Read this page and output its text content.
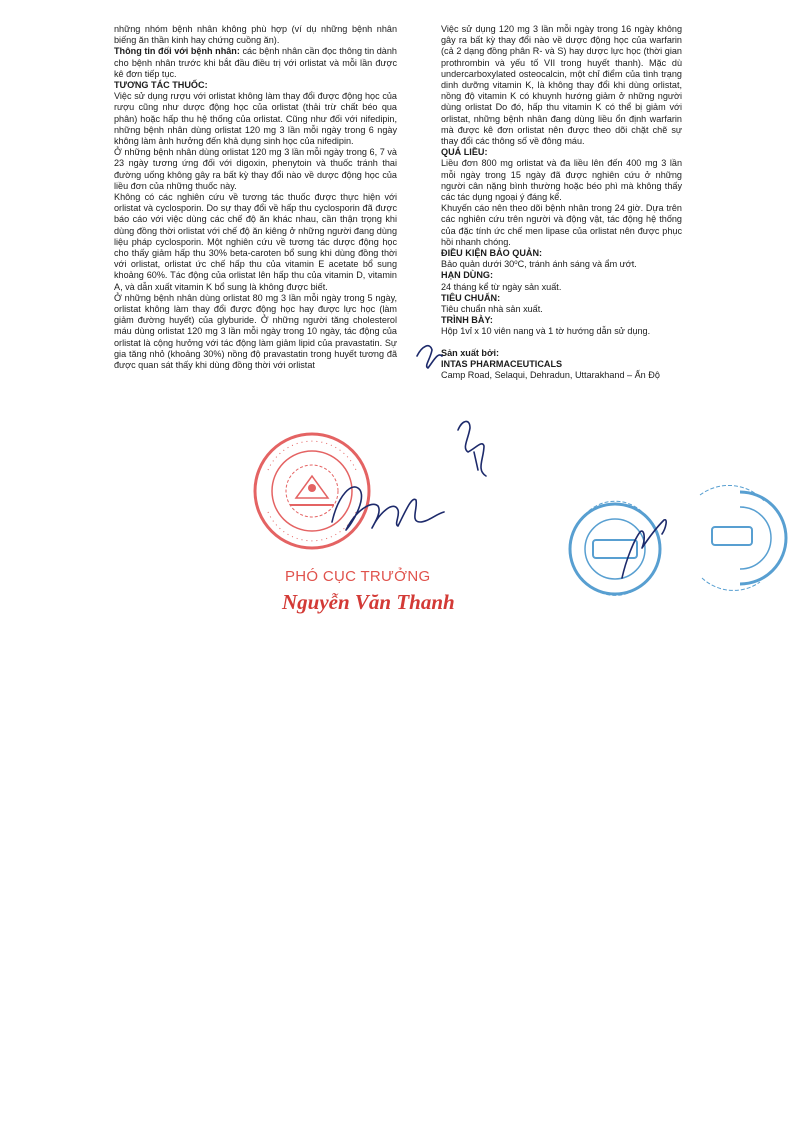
những nhóm bệnh nhân không phù hợp (ví dụ những bệnh nhân biếng ăn thần kinh hay chứng cuồng ăn).

Thông tin đối với bệnh nhân: các bệnh nhân cần đọc thông tin dành cho bệnh nhân trước khi bắt đầu điều trị với orlistat và mỗi lần được kê đơn tiếp tục.

TƯƠNG TÁC THUỐC:

Việc sử dụng rượu với orlistat không làm thay đổi được động học của rượu cũng như dược động học của orlistat (thải trừ chất béo qua phân) hoặc hấp thu hệ thống của orlistat. Cũng như đối với nifedipin, những bệnh nhân dùng orlistat 120 mg 3 lần mỗi ngày trong 6 ngày không làm ảnh hưởng đến khả dụng sinh học của nifedipin.

Ở những bệnh nhân dùng orlistat 120 mg 3 lần mỗi ngày trong 6, 7 và 23 ngày tương ứng đối với digoxin, phenytoin và thuốc tránh thai đường uống không gây ra bất kỳ thay đổi nào về dược động học của liều đơn của những thuốc này.

Không có các nghiên cứu về tương tác thuốc được thực hiện với orlistat và cyclosporin. Do sự thay đổi về hấp thu cyclosporin đã được báo cáo với việc dùng các chế độ ăn khác nhau, cần thận trọng khi dùng đồng thời orlistat với chế độ ăn kiêng ở những người đang dùng liệu pháp cyclosporin. Một nghiên cứu về tương tác dược động học cho thấy giảm hấp thu 30% beta-caroten bổ sung khi dùng đồng thời với orlistat, orlistat ức chế hấp thu của vitamin E acetate bổ sung khoảng 60%. Tác động của orlistat lên hấp thu của vitamin D, vitamin A, và dẫn xuất vitamin K bổ sung là không được biết.

Ở những bệnh nhân dùng orlistat 80 mg 3 lần mỗi ngày trong 5 ngày, orlistat không làm thay đổi được động học hay được lực học (làm giảm đường huyết) của glyburide. Ở những người tăng cholesterol máu dùng orlistat 120 mg 3 lần mỗi ngày trong 10 ngày, tác động của orlistat là cộng hưởng với tác động làm giảm lipid của pravastatin. Sự gia tăng nhỏ (khoảng 30%) nồng độ pravastatin trong huyết tương đã được quan sát thấy khi dùng đồng thời với orlistat

Việc sử dụng 120 mg 3 lần mỗi ngày trong 16 ngày không gây ra bất kỳ thay đổi nào về dược động học của warfarin (cả 2 dạng đồng phân R- và S) hay dược lực học (thời gian prothrombin và yếu tố VII trong huyết thanh). Mặc dù undercarboxylated osteocalcin, một chỉ điểm của tình trạng dinh dưỡng vitamin K, là không thay đổi khi dùng orlistat, nồng độ vitamin K có khuynh hướng giảm ở những người dùng orlistat Do đó, hấp thu vitamin K có thể bị giảm với orlistat, những bệnh nhân đang dùng liều ổn định warfarin mà được kê đơn orlistat nên được theo dõi chặt chẽ sự thay đổi các thông số về đông máu.

QUÁ LIỀU:

Liều đơn 800 mg orlistat và đa liều lên đến 400 mg 3 lần mỗi ngày trong 15 ngày đã được nghiên cứu ở những người cân nặng bình thường hoặc béo phì mà không thấy các tác dụng ngoại ý đáng kể.

Khuyến cáo nên theo dõi bệnh nhân trong 24 giờ. Dựa trên các nghiên cứu trên người và động vật, tác động hệ thống của đặc tính ức chế men lipase của orlistat nên được phục hồi nhanh chóng.

ĐIỀU KIỆN BẢO QUẢN:

Bảo quản dưới 30$^o$C, tránh ánh sáng và ẩm ướt.

HẠN DÙNG:

24 tháng kể từ ngày sản xuất.

TIÊU CHUẨN:

Tiêu chuẩn nhà sản xuất.

TRÌNH BÀY:

Hộp 1vỉ x 10 viên nang và 1 tờ hướng dẫn sử dụng.

Sản xuất bởi:

INTAS PHARMACEUTICALS

Camp Road, Selaqui, Dehradun, Uttarakhand – Ấn Độ

PHÓ CỤC TRƯỞNG
Nguyễn Văn Thanh
